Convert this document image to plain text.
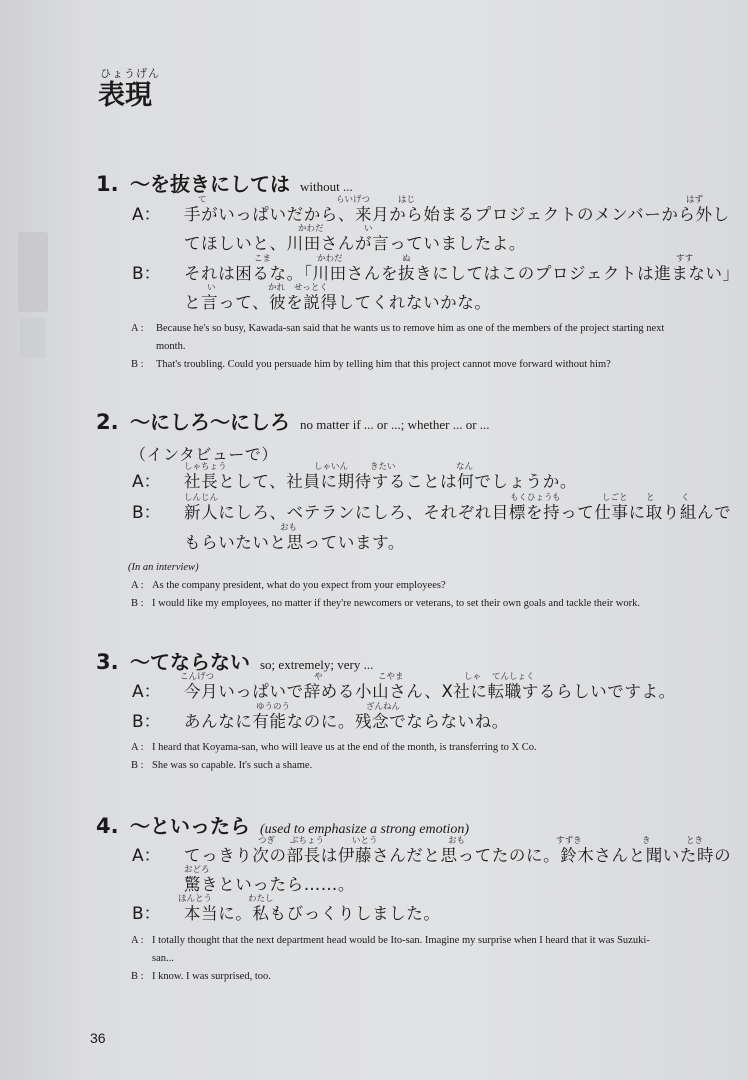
ひょうげん
表現
1. 〜を抜きにしては without ...
A：
て	らいげつ	はじ	はず
手がいっぱいだから、来月から始まるプロジェクトのメンバーから外し
かわだ	い
てほしいと、川田さんが言っていましたよ。
B：
こま	かわだ	ぬ	すす
それは困るな。「川田さんを抜きにしてはこのプロジェクトは進まない」
い	かれ せっとく
と言って、彼を説得してくれないかな。
A : Because he's so busy, Kawada-san said that he wants us to remove him as one of the members of the project starting next
month.
B : That's troubling. Could you persuade him by telling him that this project cannot move forward without him?
2. 〜にしろ〜にしろ no matter if ... or ...; whether ... or ...
（インタビューで）
A：
しゃちょう	しゃいん	きたい	なん
社長として、社員に期待することは何でしょうか。
B：
しんじん	もくひょう も	しごと と	く
新人にしろ、ベテランにしろ、それぞれ目標を持って仕事に取り組んで
おも
もらいたいと思っています。
(In an interview)
A : As the company president, what do you expect from your employees?
B : I would like my employees, no matter if they're newcomers or veterans, to set their own goals and tackle their work.
3. 〜てならない so; extremely; very ...
A：
こんげつ	や	こやま	しゃ てんしょく
今月いっぱいで辞める小山さん、X社に転職するらしいですよ。
B：
ゆうのう	ざんねん
あんなに有能なのに。残念でならないね。
A : I heard that Koyama-san, who will leave us at the end of the month, is transferring to X Co.
B : She was so capable. It's such a shame.
4. 〜といったら (used to emphasize a strong emotion)
A：
つぎ ぶちょう	いとう	おも	すずき	き	とき
てっきり次の部長は伊藤さんだと思ってたのに。鈴木さんと聞いた時の
おどろ
驚きといったら……。
B：
ほんとう	わたし
本当に。私もびっくりしました。
A : I totally thought that the next department head would be Ito-san. Imagine my surprise when I heard that it was Suzuki-
san...
B : I know. I was surprised, too.
36
